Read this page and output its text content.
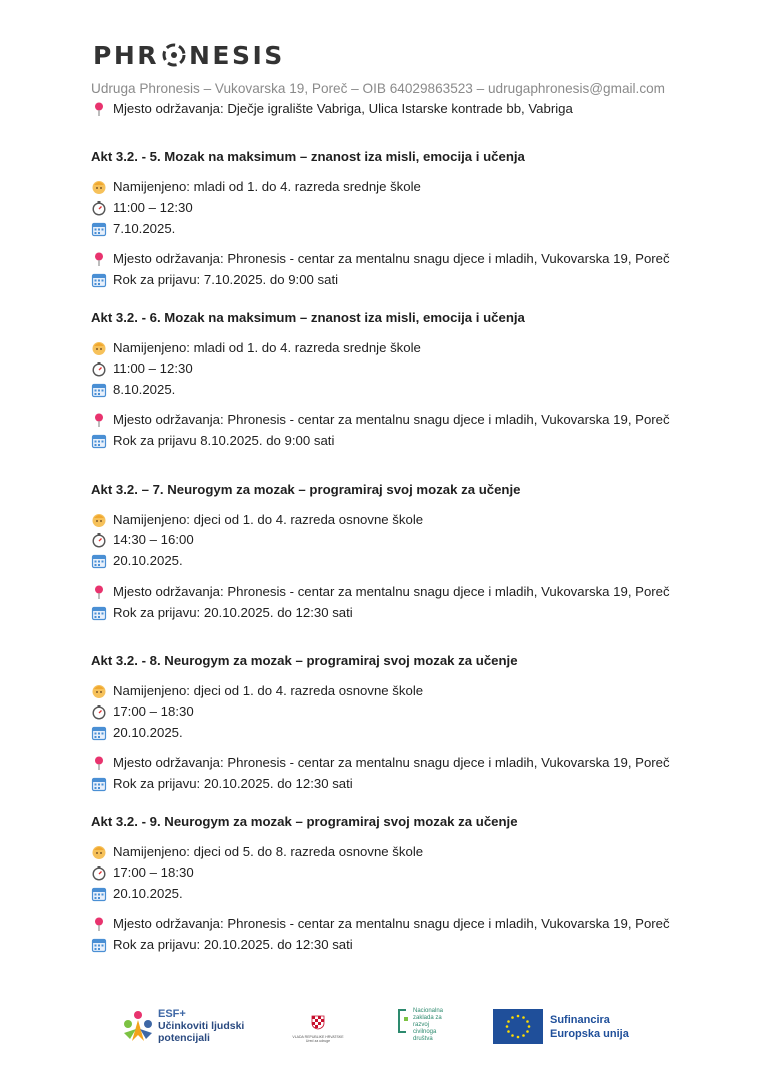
PHR NESIS
Udruga Phronesis – Vukovarska 19, Poreč – OIB 64029863523 – udrugaphronesis@gmail.com
Mjesto održavanja: Dječje igralište Vabriga, Ulica Istarske kontrade bb, Vabriga
Akt 3.2. - 5. Mozak na maksimum – znanost iza misli, emocija i učenja
Namijenjeno: mladi od 1. do 4. razreda srednje škole
11:00 – 12:30
7.10.2025.
Mjesto održavanja: Phronesis - centar za mentalnu snagu djece i mladih, Vukovarska 19, Poreč
Rok za prijavu: 7.10.2025. do 9:00 sati
Akt 3.2. - 6. Mozak na maksimum – znanost iza misli, emocija i učenja
Namijenjeno: mladi od 1. do 4. razreda srednje škole
11:00 – 12:30
8.10.2025.
Mjesto održavanja: Phronesis - centar za mentalnu snagu djece i mladih, Vukovarska 19, Poreč
Rok za prijavu 8.10.2025. do 9:00 sati
Akt 3.2. – 7. Neurogym za mozak – programiraj svoj mozak za učenje
Namijenjeno: djeci od 1. do 4. razreda osnovne škole
14:30 – 16:00
20.10.2025.
Mjesto održavanja: Phronesis - centar za mentalnu snagu djece i mladih, Vukovarska 19, Poreč
Rok za prijavu: 20.10.2025. do 12:30 sati
Akt 3.2. - 8. Neurogym za mozak – programiraj svoj mozak za učenje
Namijenjeno: djeci od 1. do 4. razreda osnovne škole
17:00 – 18:30
20.10.2025.
Mjesto održavanja: Phronesis - centar za mentalnu snagu djece i mladih, Vukovarska 19, Poreč
Rok za prijavu: 20.10.2025. do 12:30 sati
Akt 3.2. - 9. Neurogym za mozak – programiraj svoj mozak za učenje
Namijenjeno: djeci od 5. do 8. razreda osnovne škole
17:00 – 18:30
20.10.2025.
Mjesto održavanja: Phronesis - centar za mentalnu snagu djece i mladih, Vukovarska 19, Poreč
Rok za prijavu: 20.10.2025. do 12:30 sati
ESF+
Učinkoviti ljudski
potencijali	VLADA REPUBLIKE HRVATSKE
Ured za udruge
Nacionalna
zaklada za
razvoj
civilnoga
društva
Sufinancira
Europska unija
